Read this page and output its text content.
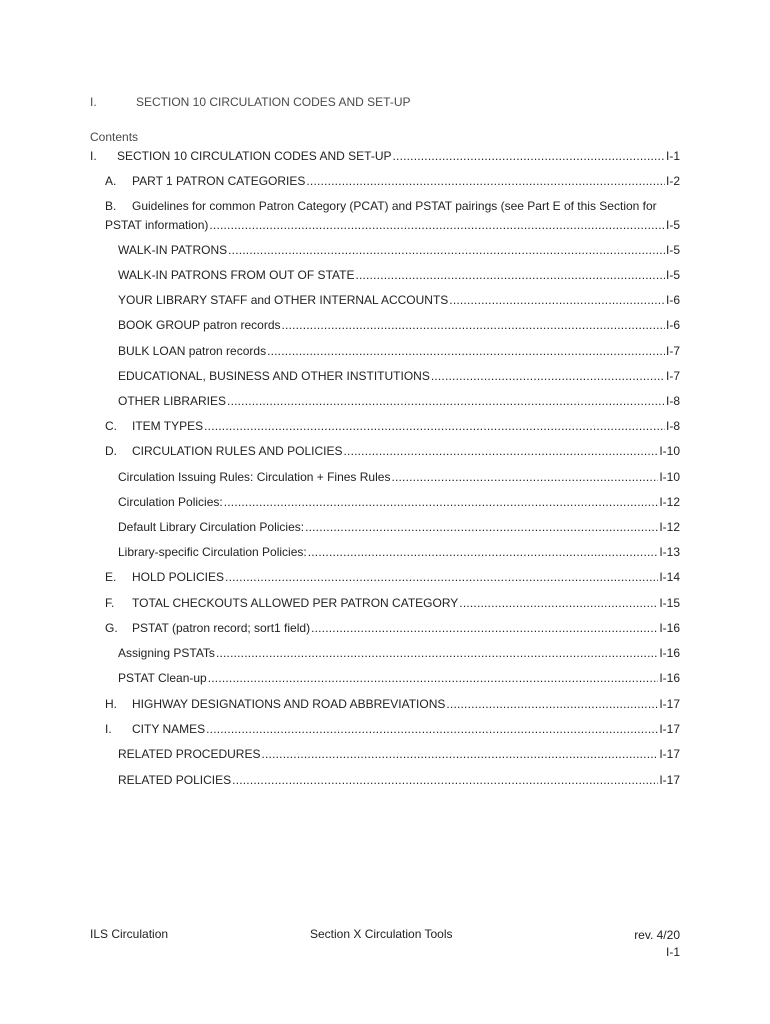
I.	SECTION 10 CIRCULATION CODES AND SET-UP
Contents
I.	SECTION 10 CIRCULATION CODES AND SET-UP .....	I-1
A.	PART 1 PATRON CATEGORIES .....	I-2
B. Guidelines for common Patron Category (PCAT) and PSTAT pairings (see Part E of this Section for
PSTAT information) .....	I-5
WALK-IN PATRONS .....	I-5
WALK-IN PATRONS FROM OUT OF STATE .....	I-5
YOUR LIBRARY STAFF and OTHER INTERNAL ACCOUNTS .....	I-6
BOOK GROUP patron records .....	I-6
BULK LOAN patron records .....	I-7
EDUCATIONAL, BUSINESS AND OTHER INSTITUTIONS .....	I-7
OTHER LIBRARIES .....	I-8
C.	ITEM TYPES .....	I-8
D.	CIRCULATION RULES AND POLICIES .....	I-10
Circulation Issuing Rules: Circulation + Fines Rules .....	I-10
Circulation Policies: .....	I-12
Default Library Circulation Policies: .....	I-12
Library-specific Circulation Policies: .....	I-13
E.	HOLD POLICIES .....	I-14
F.	TOTAL CHECKOUTS ALLOWED PER PATRON CATEGORY .....	I-15
G.	PSTAT (patron record; sort1 field) .....	I-16
Assigning PSTATs .....	I-16
PSTAT Clean-up .....	I-16
H.	HIGHWAY DESIGNATIONS AND ROAD ABBREVIATIONS .....	I-17
I.	CITY NAMES .....	I-17
RELATED PROCEDURES .....	I-17
RELATED POLICIES .....	I-17
ILS Circulation	Section X Circulation Tools	rev. 4/20
I-1
